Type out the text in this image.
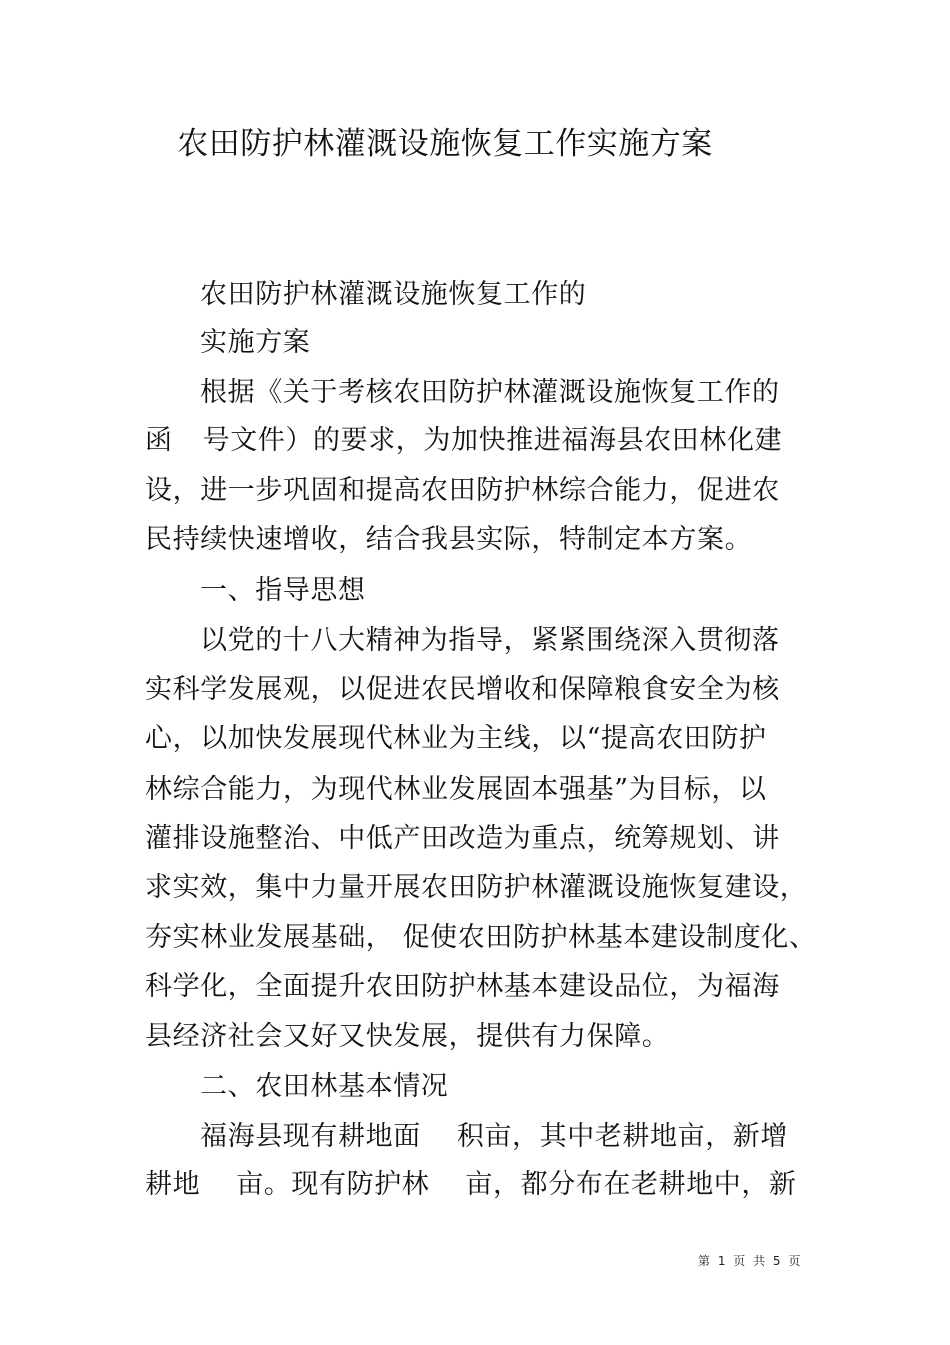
农田防护林灌溉设施恢复工作实施方案
农田防护林灌溉设施恢复工作的
实施方案
根据《关于考核农田防护林灌溉设施恢复工作的
函 号文件）的要求，为加快推进福海县农田林化建
设，进一步巩固和提高农田防护林综合能力，促进农
民持续快速增收，结合我县实际，特制定本方案。
一、指导思想
以党的十八大精神为指导，紧紧围绕深入贯彻落
实科学发展观，以促进农民增收和保障粮食安全为核
心，以加快发展现代林业为主线，以“提高农田防护
林综合能力，为现代林业发展固本强基”为目标，以
灌排设施整治、中低产田改造为重点，统筹规划、讲
求实效，集中力量开展农田防护林灌溉设施恢复建设，
夯实林业发展基础， 促使农田防护林基本建设制度化、
科学化，全面提升农田防护林基本建设品位，为福海
县经济社会又好又快发展，提供有力保障。
二、农田林基本情况
福海县现有耕地面 积亩，其中老耕地亩，新增
耕地 亩。现有防护林 亩，都分布在老耕地中，新
第 1 页 共 5 页
